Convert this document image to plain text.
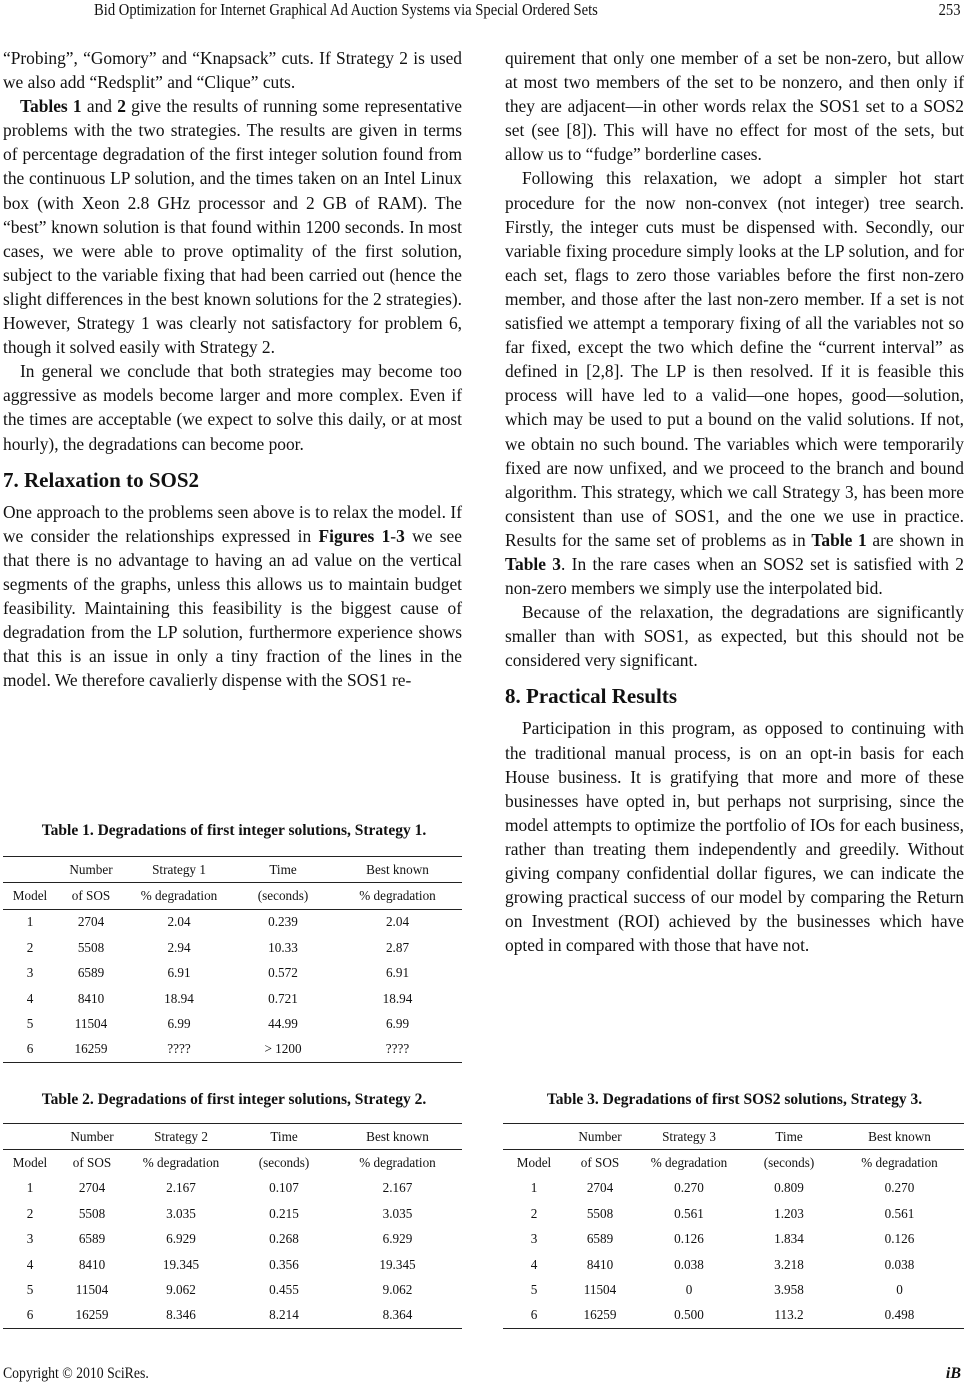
Bid Optimization for Internet Graphical Ad Auction Systems via Special Ordered Sets	253

“Probing”, “Gomory” and “Knapsack” cuts. If Strategy 2 is used we also add “Redsplit” and “Clique” cuts.

Tables 1 and 2 give the results of running some representative problems with the two strategies. The results are given in terms of percentage degradation of the first integer solution found from the continuous LP solution, and the times taken on an Intel Linux box (with Xeon 2.8 GHz processor and 2 GB of RAM). The “best” known solution is that found within 1200 seconds. In most cases, we were able to prove optimality of the first solution, subject to the variable fixing that had been carried out (hence the slight differences in the best known solutions for the 2 strategies). However, Strategy 1 was clearly not satisfactory for problem 6, though it solved easily with Strategy 2.

In general we conclude that both strategies may become too aggressive as models become larger and more complex. Even if the times are acceptable (we expect to solve this daily, or at most hourly), the degradations can become poor.

7. Relaxation to SOS2

One approach to the problems seen above is to relax the model. If we consider the relationships expressed in Figures 1-3 we see that there is no advantage to having an ad value on the vertical segments of the graphs, unless this allows us to maintain budget feasibility. Maintaining this feasibility is the biggest cause of degradation from the LP solution, furthermore experience shows that this is an issue in only a tiny fraction of the lines in the model. We therefore cavalierly dispense with the SOS1 re-

quirement that only one member of a set be non-zero, but allow at most two members of the set to be nonzero, and then only if they are adjacent—in other words relax the SOS1 set to a SOS2 set (see [8]). This will have no effect for most of the sets, but allow us to “fudge” borderline cases.

Following this relaxation, we adopt a simpler hot start procedure for the now non-convex (not integer) tree search. Firstly, the integer cuts must be dispensed with. Secondly, our variable fixing procedure simply looks at the LP solution, and for each set, flags to zero those variables before the first non-zero member, and those after the last non-zero member. If a set is not satisfied we attempt a temporary fixing of all the variables not so far fixed, except the two which define the “current interval” as defined in [2,8]. The LP is then resolved. If it is feasible this process will have led to a valid—one hopes, good—solution, which may be used to put a bound on the valid solutions. If not, we obtain no such bound. The variables which were temporarily fixed are now unfixed, and we proceed to the branch and bound algorithm. This strategy, which we call Strategy 3, has been more consistent than use of SOS1, and the one we use in practice. Results for the same set of problems as in Table 1 are shown in Table 3. In the rare cases when an SOS2 set is satisfied with 2 non-zero members we simply use the interpolated bid.

Because of the relaxation, the degradations are significantly smaller than with SOS1, as expected, but this should not be considered very significant.

8. Practical Results

Participation in this program, as opposed to continuing with the traditional manual process, is on an opt-in basis for each House business. It is gratifying that more and more of these businesses have opted in, but perhaps not surprising, since the model attempts to optimize the portfolio of IOs for each business, rather than treating them independently and greedily. Without giving company confidential dollar figures, we can indicate the growing practical success of our model by comparing the Return on Investment (ROI) achieved by the businesses which have opted in compared with those that have not.

Table 1. Degradations of first integer solutions, Strategy 1.
	Number	Strategy 1	Time	Best known
Model	of SOS	% degradation	(seconds)	% degradation
1	2704	2.04	0.239	2.04
2	5508	2.94	10.33	2.87
3	6589	6.91	0.572	6.91
4	8410	18.94	0.721	18.94
5	11504	6.99	44.99	6.99
6	16259	????	> 1200	????
Table 2. Degradations of first integer solutions, Strategy 2.
	Number	Strategy 2	Time	Best known
Model	of SOS	% degradation	(seconds)	% degradation
1	2704	2.167	0.107	2.167
2	5508	3.035	0.215	3.035
3	6589	6.929	0.268	6.929
4	8410	19.345	0.356	19.345
5	11504	9.062	0.455	9.062
6	16259	8.346	8.214	8.364
Table 3. Degradations of first SOS2 solutions, Strategy 3.
	Number	Strategy 3	Time	Best known
Model	of SOS	% degradation	(seconds)	% degradation
1	2704	0.270	0.809	0.270
2	5508	0.561	1.203	0.561
3	6589	0.126	1.834	0.126
4	8410	0.038	3.218	0.038
5	11504	0	3.958	0
6	16259	0.500	113.2	0.498
Copyright © 2010 SciRes.	iB
